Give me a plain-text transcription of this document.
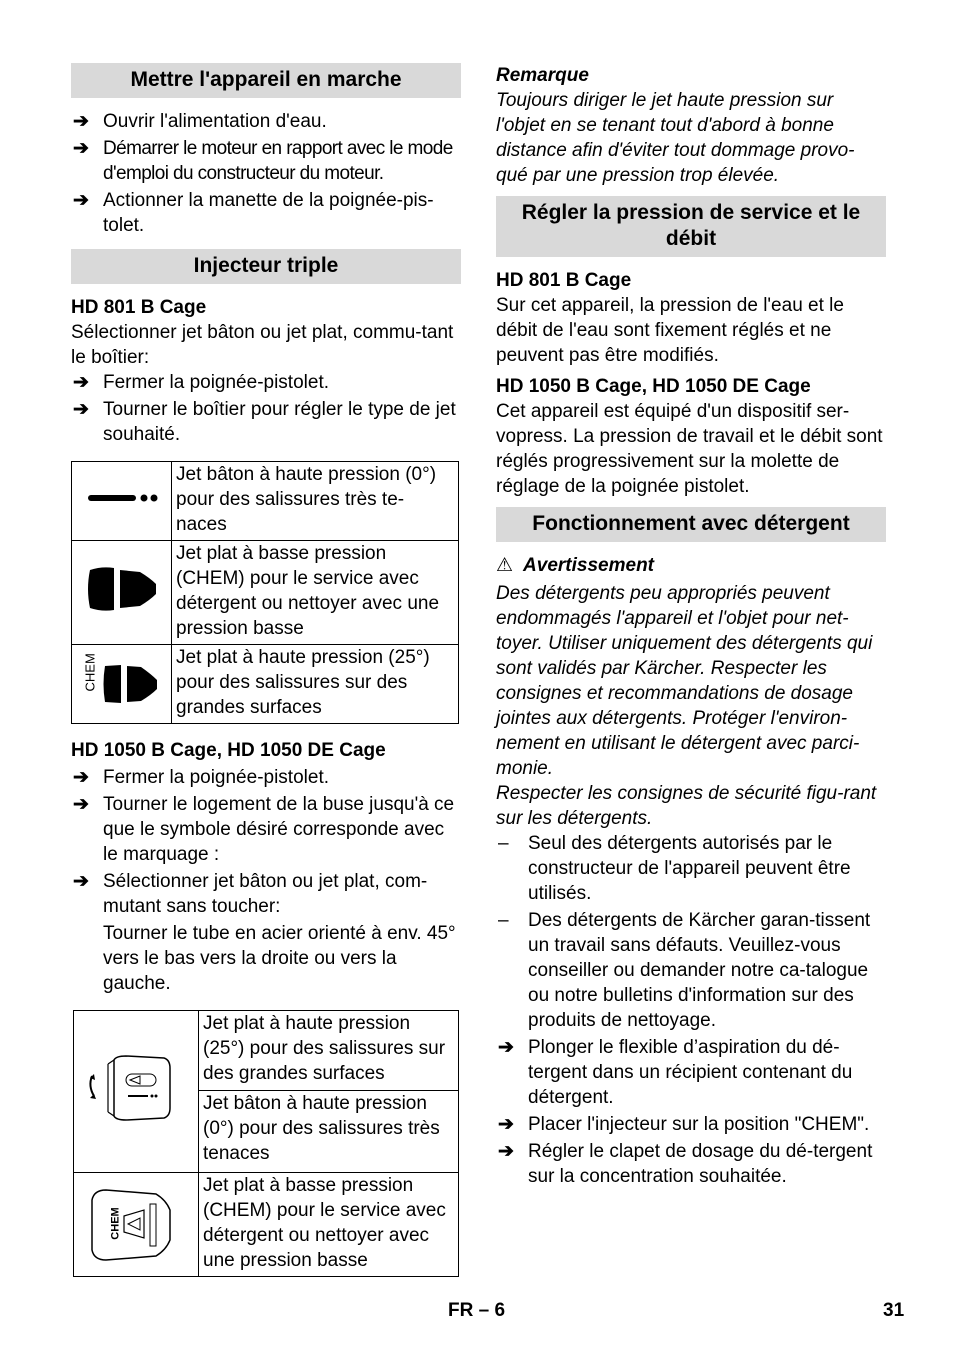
Mettre l'appareil en marche
➔ Ouvrir l'alimentation d'eau.
➔ Démarrer le moteur en rapport avec le mode d'emploi du constructeur du moteur.
➔ Actionner la manette de la poignée-pis-tolet.
Injecteur triple

HD 801 B Cage

Sélectionner jet bâton ou jet plat, commu-tant le boîtier:

➔ Fermer la poignée-pistolet.
➔ Tourner le boîtier pour régler le type de jet souhaité.
	Jet bâton à haute pression (0°) pour des salissures très te-naces
	Jet plat à basse pression (CHEM) pour le service avec détergent ou nettoyer avec une pression basse

CHEM	Jet plat à haute pression (25°) pour des salissures sur des grandes surfaces

HD 1050 B Cage, HD 1050 DE Cage

➔ Fermer la poignée-pistolet.
➔ Tourner le logement de la buse jusqu'à ce que le symbole désiré corresponde avec le marquage :
➔ Sélectionner jet bâton ou jet plat, com-mutant sans toucher:

Tourner le tube en acier orienté à env. 45° vers le bas vers la droite ou vers la gauche.

	Jet plat à haute pression (25°) pour des salissures sur des grandes surfaces
	Jet bâton à haute pression (0°) pour des salissures très tenaces

CHEM	Jet plat à basse pression (CHEM) pour le service avec détergent ou nettoyer avec une pression basse

Remarque

Toujours diriger le jet haute pression sur l'objet en se tenant tout d'abord à bonne distance afin d'éviter tout dommage provo-qué par une pression trop élevée.

Régler la pression de service et le débit

HD 801 B Cage

Sur cet appareil, la pression de l'eau et le débit de l'eau sont fixement réglés et ne peuvent pas être modifiés.

HD 1050 B Cage, HD 1050 DE Cage

Cet appareil est équipé d'un dispositif ser-vopress. La pression de travail et le débit sont réglés progressivement sur la molette de réglage de la poignée pistolet.

Fonctionnement avec détergent

⚠ Avertissement

Des détergents peu appropriés peuvent endommagés l'appareil et l'objet pour net-toyer. Utiliser uniquement des détergents qui sont validés par Kärcher. Respecter les consignes et recommandations de dosage jointes aux détergents. Protéger l'environ-nement en utilisant le détergent avec parci-monie.

Respecter les consignes de sécurité figu-rant sur les détergents.

– Seul des détergents autorisés par le constructeur de l'appareil peuvent être utilisés.
– Des détergents de Kärcher garan-tissent un travail sans défauts. Veuillez-vous conseiller ou demander notre ca-talogue ou notre bulletins d'information sur des produits de nettoyage.
➔ Plonger le flexible d’aspiration du dé-tergent dans un récipient contenant du détergent.
➔ Placer l'injecteur sur la position "CHEM".
➔ Régler le clapet de dosage du dé-tergent sur la concentration souhaitée.
FR – 6	31
